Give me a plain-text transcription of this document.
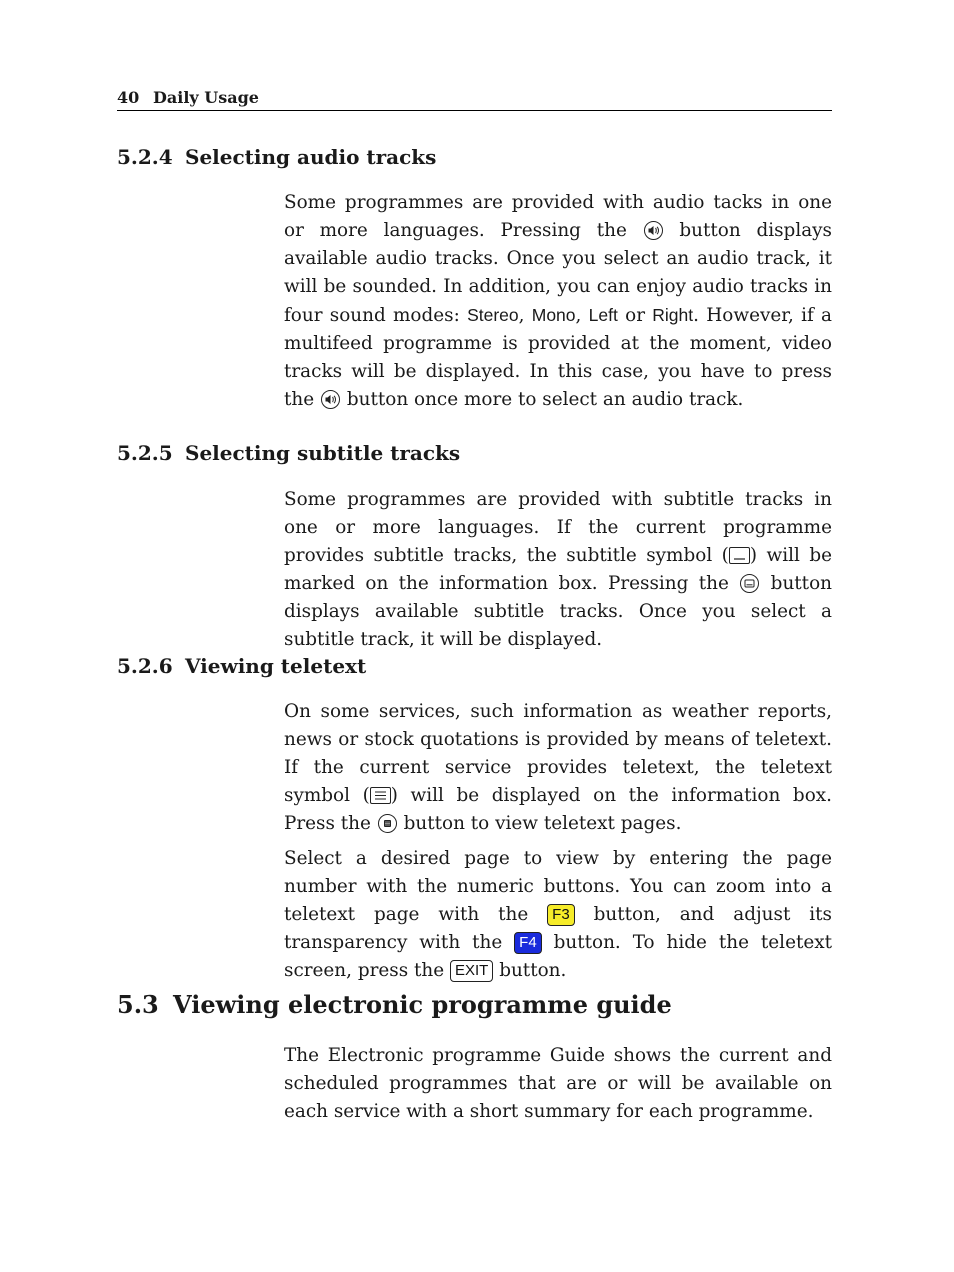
40 Daily Usage
5.2.4 Selecting audio tracks

Some programmes are provided with audio tacks in one or more languages. Pressing the	button displays available audio tracks. Once you select an audio track, it will be sounded. In addition, you can enjoy audio tracks in four sound modes: Stereo, Mono, Left or Right. However, if a multifeed programme is provided at the moment, video tracks will be displayed. In this case, you have to press the button once more to select an audio track.

5.2.5 Selecting subtitle tracks

Some programmes are provided with subtitle tracks in one or more languages. If the current programme provides subtitle tracks, the subtitle symbol ( ) will be marked on the information box. Pressing the button displays available subtitle tracks. Once you select a subtitle track, it will be displayed.

5.2.6 Viewing teletext

On some services, such information as weather reports, news or stock quotations is provided by means of teletext. If the current service provides teletext, the teletext symbol ( ) will be displayed on the information box. Press the button to view teletext pages.

Select a desired page to view by entering the page number with the numeric buttons. You can zoom into a teletext page with the F3 button, and adjust its transparency with the F4 button. To hide the teletext screen, press the EXIT button.

5.3 Viewing electronic programme guide

The Electronic programme Guide shows the current and scheduled programmes that are or will be available on each service with a short summary for each programme.
